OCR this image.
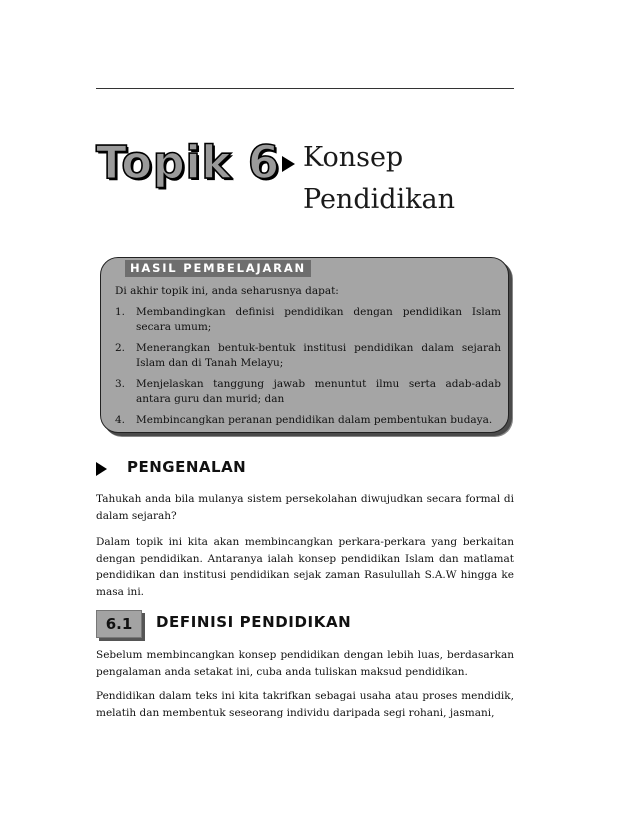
Topik 6 Konsep
Pendidikan
HASIL PEMBELAJARAN
Di akhir topik ini, anda seharusnya dapat:
1. Membandingkan definisi pendidikan dengan pendidikan Islam secara umum;
2. Menerangkan bentuk-bentuk institusi pendidikan dalam sejarah Islam dan di Tanah Melayu;
3. Menjelaskan tanggung jawab menuntut ilmu serta adab-adab antara guru dan murid; dan
4. Membincangkan peranan pendidikan dalam pembentukan budaya.
PENGENALAN

Tahukah anda bila mulanya sistem persekolahan diwujudkan secara formal di dalam sejarah?

Dalam topik ini kita akan membincangkan perkara-perkara yang berkaitan dengan pendidikan. Antaranya ialah konsep pendidikan Islam dan matlamat pendidikan dan institusi pendidikan sejak zaman Rasulullah S.A.W hingga ke masa ini.

6.1	DEFINISI PENDIDIKAN

Sebelum membincangkan konsep pendidikan dengan lebih luas, berdasarkan pengalaman anda setakat ini, cuba anda tuliskan maksud pendidikan.

Pendidikan dalam teks ini kita takrifkan sebagai usaha atau proses mendidik, melatih dan membentuk seseorang individu daripada segi rohani, jasmani,
